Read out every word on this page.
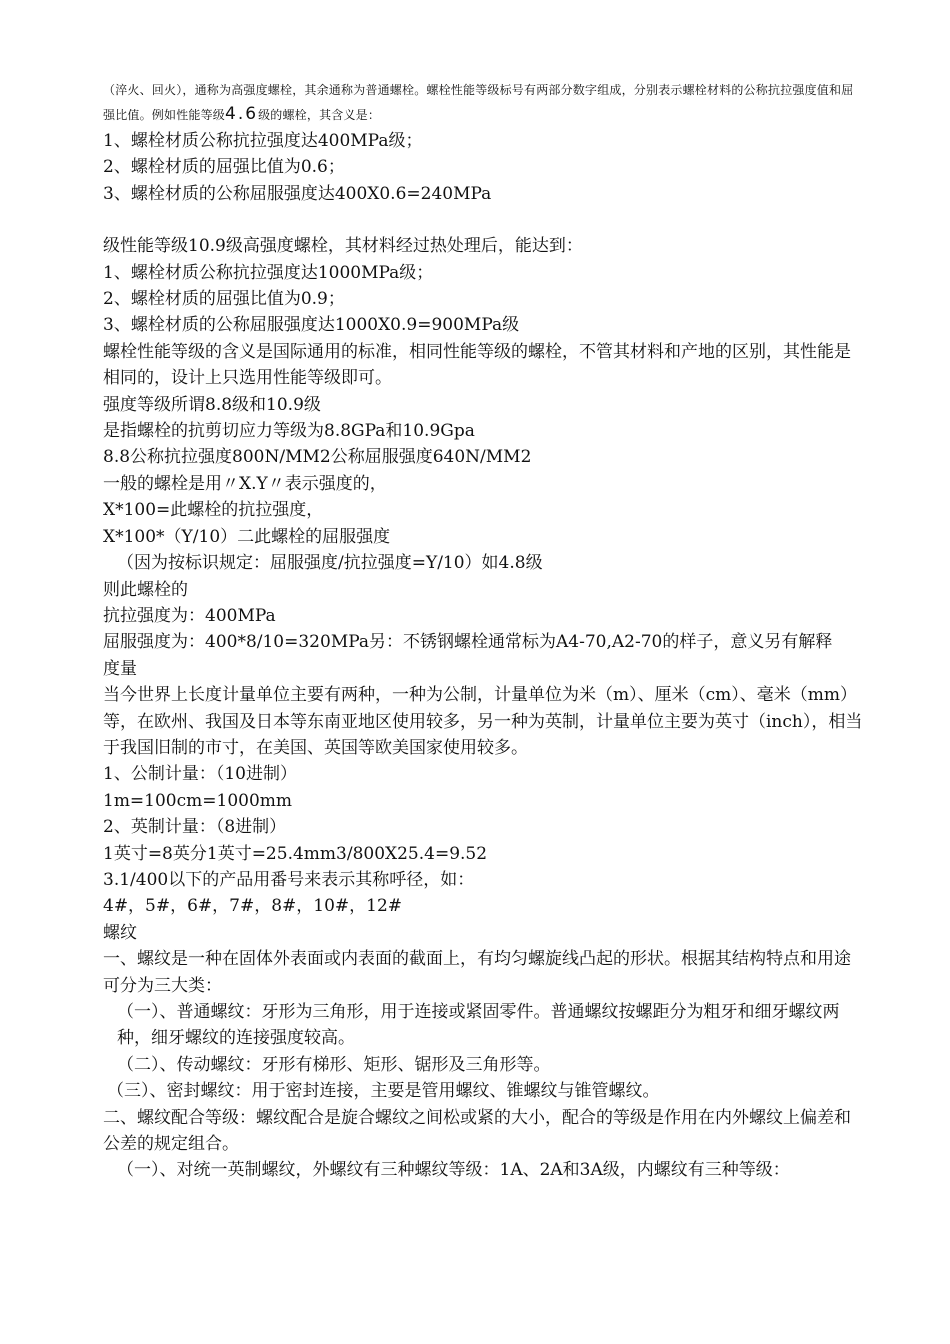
（淬火、回火），通称为高强度螺栓，其余通称为普通螺栓。螺栓性能等级标号有两部分数字组成，分别表示螺栓材料的公称抗拉强度值和屈强比值。例如性能等级4.6级的螺栓，其含义是：

1、螺栓材质公称抗拉强度达400MPa级；

2、螺栓材质的屈强比值为0.6；

3、螺栓材质的公称屈服强度达400X0.6=240MPa

级性能等级10.9级高强度螺栓，其材料经过热处理后，能达到：

1、螺栓材质公称抗拉强度达1000MPa级；

2、螺栓材质的屈强比值为0.9；

3、螺栓材质的公称屈服强度达1000X0.9=900MPa级

螺栓性能等级的含义是国际通用的标准，相同性能等级的螺栓，不管其材料和产地的区别，其性能是相同的，设计上只选用性能等级即可。

强度等级所谓8.8级和10.9级

是指螺栓的抗剪切应力等级为8.8GPa和10.9Gpa

8.8公称抗拉强度800N/MM2公称屈服强度640N/MM2

一般的螺栓是用〃X.Y〃表示强度的，

X*100=此螺栓的抗拉强度，

X*100*（Y/10）二此螺栓的屈服强度

（因为按标识规定：屈服强度/抗拉强度=Y/10）如4.8级

则此螺栓的

抗拉强度为：400MPa

屈服强度为：400*8/10=320MPa另：不锈钢螺栓通常标为A4-70,A2-70的样子，意义另有解释

度量

当今世界上长度计量单位主要有两种，一种为公制，计量单位为米（m）、厘米（cm）、毫米（mm）等，在欧州、我国及日本等东南亚地区使用较多，另一种为英制，计量单位主要为英寸（inch），相当于我国旧制的市寸，在美国、英国等欧美国家使用较多。

1、公制计量：（10进制）

1m=100cm=1000mm

2、英制计量：（8进制）

1英寸=8英分1英寸=25.4mm3/800X25.4=9.52

3.1/400以下的产品用番号来表示其称呼径，如：

4#，5#，6#，7#，8#，10#，12#

螺纹

一、螺纹是一种在固体外表面或内表面的截面上，有均匀螺旋线凸起的形状。根据其结构特点和用途可分为三大类：

（一）、普通螺纹：牙形为三角形，用于连接或紧固零件。普通螺纹按螺距分为粗牙和细牙螺纹两种，细牙螺纹的连接强度较高。

（二）、传动螺纹：牙形有梯形、矩形、锯形及三角形等。

（三）、密封螺纹：用于密封连接，主要是管用螺纹、锥螺纹与锥管螺纹。

二、螺纹配合等级：螺纹配合是旋合螺纹之间松或紧的大小，配合的等级是作用在内外螺纹上偏差和公差的规定组合。

（一）、对统一英制螺纹，外螺纹有三种螺纹等级：1A、2A和3A级，内螺纹有三种等级：
